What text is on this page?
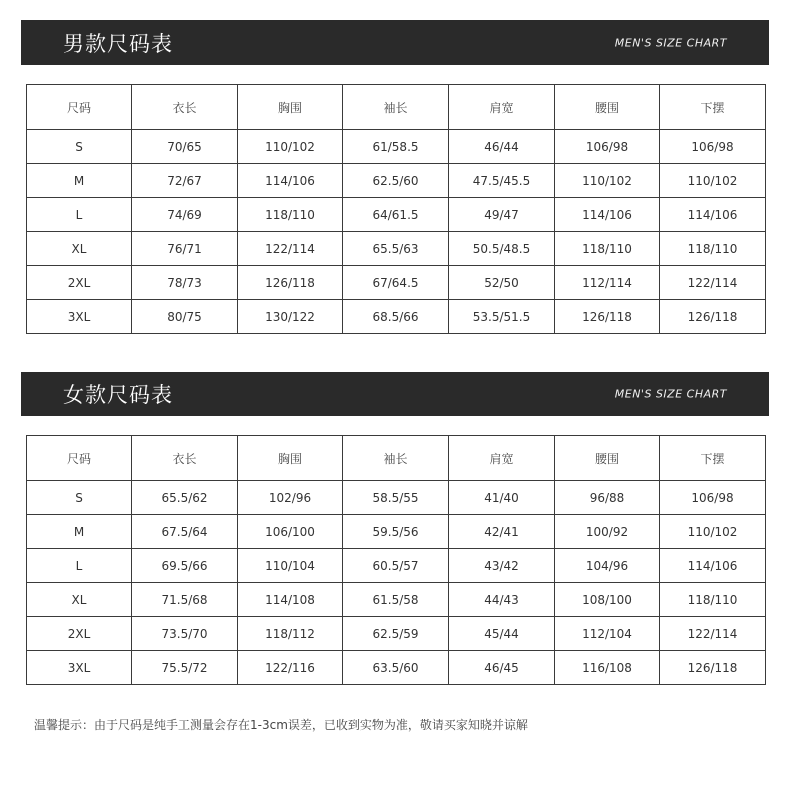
男款尺码表	MEN'S SIZE CHART
尺码	衣长	胸围	袖长	肩宽	腰围	下摆
S	70/65	110/102	61/58.5	46/44	106/98	106/98
M	72/67	114/106	62.5/60	47.5/45.5	110/102	110/102
L	74/69	118/110	64/61.5	49/47	114/106	114/106
XL	76/71	122/114	65.5/63	50.5/48.5	118/110	118/110
2XL	78/73	126/118	67/64.5	52/50	112/114	122/114
3XL	80/75	130/122	68.5/66	53.5/51.5	126/118	126/118
女款尺码表	MEN'S SIZE CHART
尺码	衣长	胸围	袖长	肩宽	腰围	下摆
S	65.5/62	102/96	58.5/55	41/40	96/88	106/98
M	67.5/64	106/100	59.5/56	42/41	100/92	110/102
L	69.5/66	110/104	60.5/57	43/42	104/96	114/106
XL	71.5/68	114/108	61.5/58	44/43	108/100	118/110
2XL	73.5/70	118/112	62.5/59	45/44	112/104	122/114
3XL	75.5/72	122/116	63.5/60	46/45	116/108	126/118
温馨提示：由于尺码是纯手工测量会存在1-3cm误差，已收到实物为准，敬请买家知晓并谅解
